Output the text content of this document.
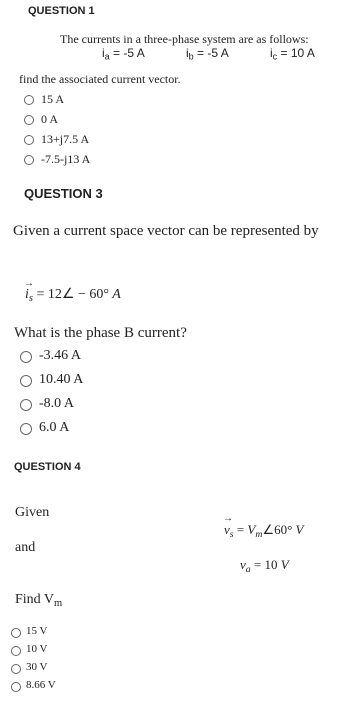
QUESTION 1
The currents in a three-phase system are as follows:
$i_a = -5$ A	$i_b = -5$ A	$i_c = 10$ A
find the associated current vector.
15 A
0 A
13+j7.5 A
-7.5-j13 A
QUESTION 3
Given a current space vector can be represented by
→ $i_s$ = 12∠ − 60° A
What is the phase B current?
-3.46 A
10.40 A
-8.0 A
6.0 A
QUESTION 4
Given
→ $v_s$ = $V_m\angle 60^\circ$ V
and
$v_a = 10$ V
Find $V_m$
15 V
10 V
30 V
8.66 V
